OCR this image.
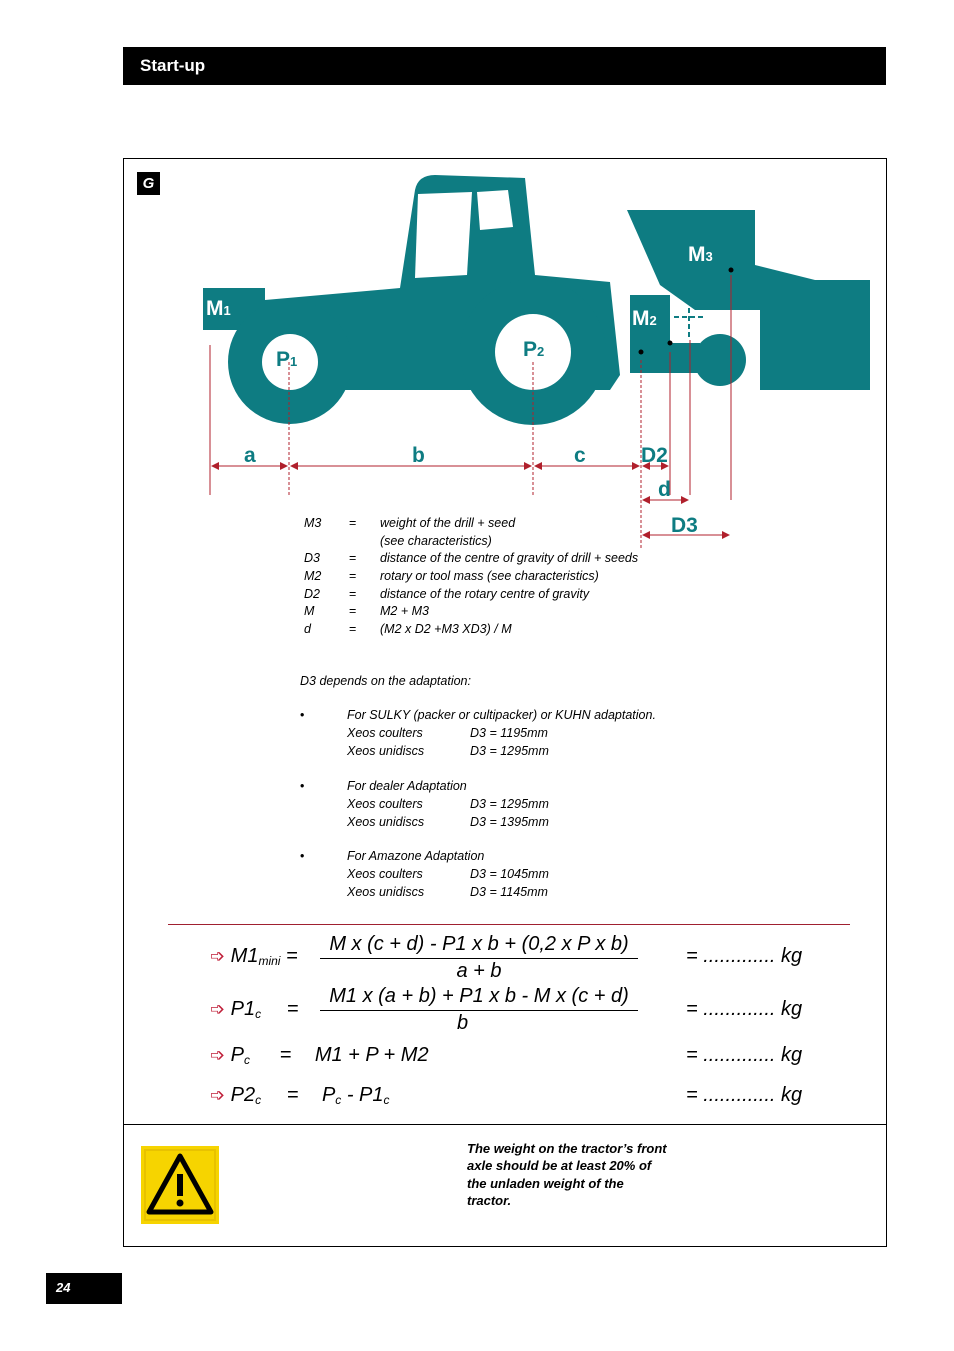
Start-up
G
M1
P
M2
M3
P1
P2
a	b	c	D2
d
D3
M3 = weight of the drill + seed
(see characteristics)
D3 = distance of the centre of gravity of drill + seeds
M2 = rotary or tool mass (see characteristics)
D2 = distance of the rotary centre of gravity
M	= M2 + M3
d	= (M2 x D2 +M3 XD3) / M
D3 depends on the adaptation:
•	For SULKY (packer or cultipacker) or KUHN adaptation.
Xeos coulters	D3 = 1195mm
Xeos unidiscs	D3 = 1295mm
•	For dealer Adaptation
Xeos coulters	D3 = 1295mm
Xeos unidiscs	D3 = 1395mm
•	For Amazone Adaptation
Xeos coulters	D3 = 1045mm
Xeos unidiscs	D3 = 1145mm
➩ $M1_{mini} = \frac{\text{M x (c + d) - P1 x b + (0,2 x P x b)}}{a + b}$ = ............. kg
➩ $P1_c = \frac{\text{M1 x (a + b) + P1 x b - M x (c + d)}}{b}$ = ............. kg
➩ $P_c = M1 + P + M2$	= ............. kg
➩ $P2_c = P_c - P1_c$	= ............. kg
The weight on the tractor’s front axle should be at least 20% of the unladen weight of the tractor.
24
